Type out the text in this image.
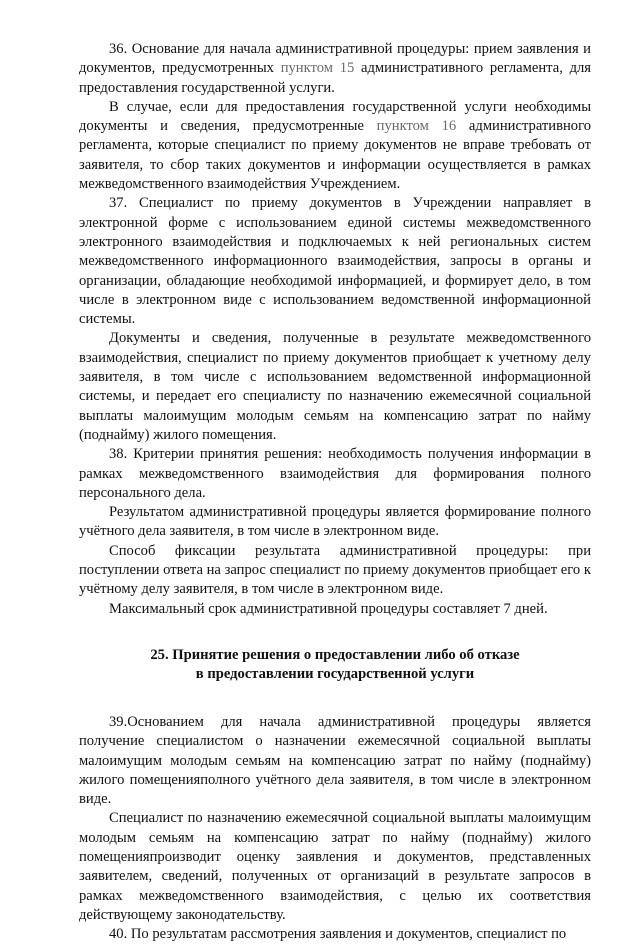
36. Основание для начала административной процедуры: прием заявления и документов, предусмотренных пунктом 15 административного регламента, для предоставления государственной услуги.

В случае, если для предоставления государственной услуги необходимы документы и сведения, предусмотренные пунктом 16 административного регламента, которые специалист по приему документов не вправе требовать от заявителя, то сбор таких документов и информации осуществляется в рамках межведомственного взаимодействия Учреждением.

37. Специалист по приему документов в Учреждении направляет в электронной форме с использованием единой системы межведомственного электронного взаимодействия и подключаемых к ней региональных систем межведомственного информационного взаимодействия, запросы в органы и организации, обладающие необходимой информацией, и формирует дело, в том числе в электронном виде с использованием ведомственной информационной системы.

Документы и сведения, полученные в результате межведомственного взаимодействия, специалист по приему документов приобщает к учетному делу заявителя, в том числе с использованием ведомственной информационной системы, и передает его специалисту по назначению ежемесячной социальной выплаты малоимущим молодым семьям на компенсацию затрат по найму (поднайму) жилого помещения.

38. Критерии принятия решения: необходимость получения информации в рамках межведомственного взаимодействия для формирования полного персонального дела.

Результатом административной процедуры является формирование полного учётного дела заявителя, в том числе в электронном виде.

Способ фиксации результата административной процедуры: при поступлении ответа на запрос специалист по приему документов приобщает его к учётному делу заявителя, в том числе в электронном виде.

Максимальный срок административной процедуры составляет 7 дней.

25. Принятие решения о предоставлении либо об отказе
в предоставлении государственной услуги

39.Основанием для начала административной процедуры является получение специалистом о назначении ежемесячной социальной выплаты малоимущим молодым семьям на компенсацию затрат по найму (поднайму) жилого помещенияполного учётного дела заявителя, в том числе в электронном виде.

Специалист по назначению ежемесячной социальной выплаты малоимущим молодым семьям на компенсацию затрат по найму (поднайму) жилого помещенияпроизводит оценку заявления и документов, представленных заявителем, сведений, полученных от организаций в результате запросов в рамках межведомственного взаимодействия, с целью их соответствия действующему законодательству.

40. По результатам рассмотрения заявления и документов, специалист по
